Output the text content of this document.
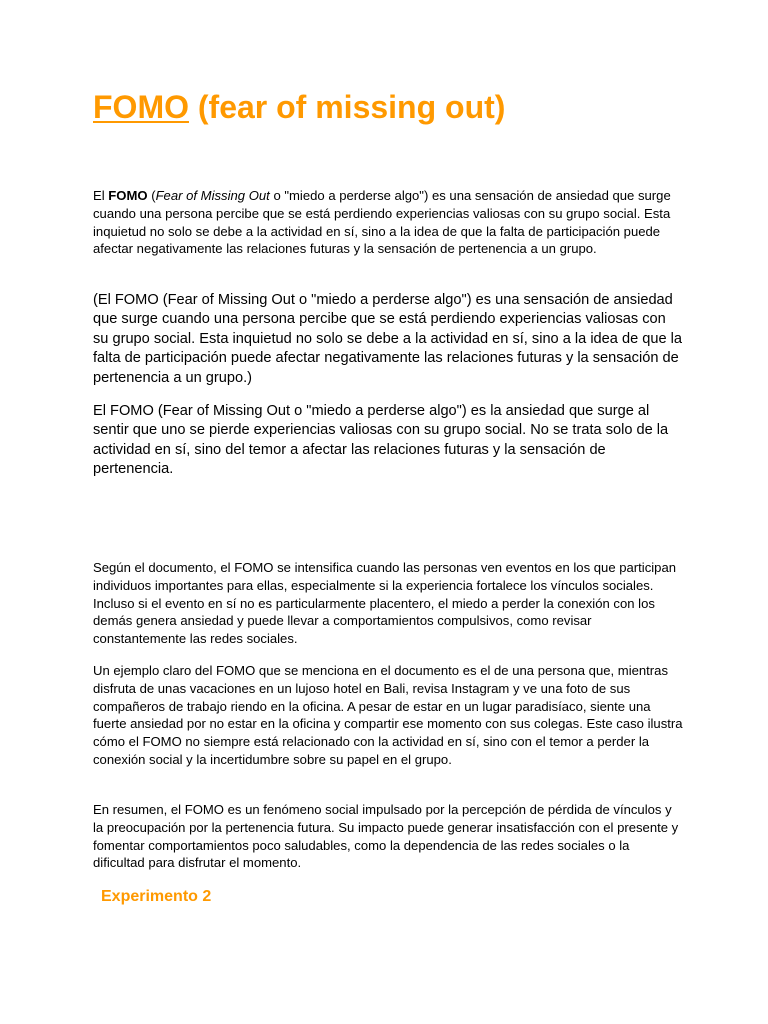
FOMO (fear of missing out)

El FOMO (Fear of Missing Out o "miedo a perderse algo") es una sensación de ansiedad que surge cuando una persona percibe que se está perdiendo experiencias valiosas con su grupo social. Esta inquietud no solo se debe a la actividad en sí, sino a la idea de que la falta de participación puede afectar negativamente las relaciones futuras y la sensación de pertenencia a un grupo.

(El FOMO (Fear of Missing Out o "miedo a perderse algo") es una sensación de ansiedad que surge cuando una persona percibe que se está perdiendo experiencias valiosas con su grupo social. Esta inquietud no solo se debe a la actividad en sí, sino a la idea de que la falta de participación puede afectar negativamente las relaciones futuras y la sensación de pertenencia a un grupo.)

El FOMO (Fear of Missing Out o "miedo a perderse algo") es la ansiedad que surge al sentir que uno se pierde experiencias valiosas con su grupo social. No se trata solo de la actividad en sí, sino del temor a afectar las relaciones futuras y la sensación de pertenencia.

Según el documento, el FOMO se intensifica cuando las personas ven eventos en los que participan individuos importantes para ellas, especialmente si la experiencia fortalece los vínculos sociales. Incluso si el evento en sí no es particularmente placentero, el miedo a perder la conexión con los demás genera ansiedad y puede llevar a comportamientos compulsivos, como revisar constantemente las redes sociales.

Un ejemplo claro del FOMO que se menciona en el documento es el de una persona que, mientras disfruta de unas vacaciones en un lujoso hotel en Bali, revisa Instagram y ve una foto de sus compañeros de trabajo riendo en la oficina. A pesar de estar en un lugar paradisíaco, siente una fuerte ansiedad por no estar en la oficina y compartir ese momento con sus colegas. Este caso ilustra cómo el FOMO no siempre está relacionado con la actividad en sí, sino con el temor a perder la conexión social y la incertidumbre sobre su papel en el grupo.

En resumen, el FOMO es un fenómeno social impulsado por la percepción de pérdida de vínculos y la preocupación por la pertenencia futura. Su impacto puede generar insatisfacción con el presente y fomentar comportamientos poco saludables, como la dependencia de las redes sociales o la dificultad para disfrutar el momento.

Experimento 2
